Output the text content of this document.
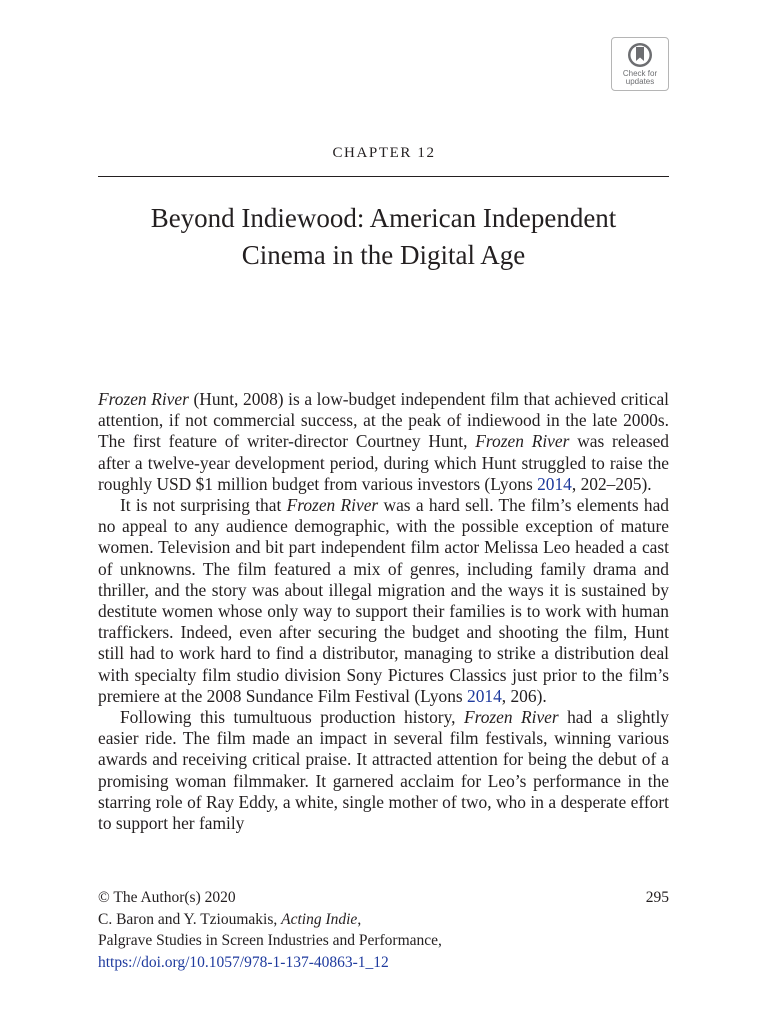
Check for
updates
CHAPTER 12
Beyond Indiewood: American Independent
Cinema in the Digital Age

Frozen River (Hunt, 2008) is a low-budget independent film that achieved critical attention, if not commercial success, at the peak of indiewood in the late 2000s. The first feature of writer-director Courtney Hunt, Frozen River was released after a twelve-year development period, during which Hunt struggled to raise the roughly USD $1 million budget from various investors (Lyons 2014, 202–205).

It is not surprising that Frozen River was a hard sell. The film’s elements had no appeal to any audience demographic, with the possible exception of mature women. Television and bit part independent film actor Melissa Leo headed a cast of unknowns. The film featured a mix of genres, including family drama and thriller, and the story was about illegal migration and the ways it is sustained by destitute women whose only way to support their families is to work with human traffickers. Indeed, even after securing the budget and shooting the film, Hunt still had to work hard to find a distributor, managing to strike a distribution deal with specialty film studio division Sony Pictures Classics just prior to the film’s premiere at the 2008 Sundance Film Festival (Lyons 2014, 206).

Following this tumultuous production history, Frozen River had a slightly easier ride. The film made an impact in several film festivals, winning various awards and receiving critical praise. It attracted attention for being the debut of a promising woman filmmaker. It garnered acclaim for Leo’s performance in the starring role of Ray Eddy, a white, single mother of two, who in a desperate effort to support her family

© The Author(s) 2020	295
C. Baron and Y. Tzioumakis, Acting Indie,
Palgrave Studies in Screen Industries and Performance,
https://doi.org/10.1057/978-1-137-40863-1_12
